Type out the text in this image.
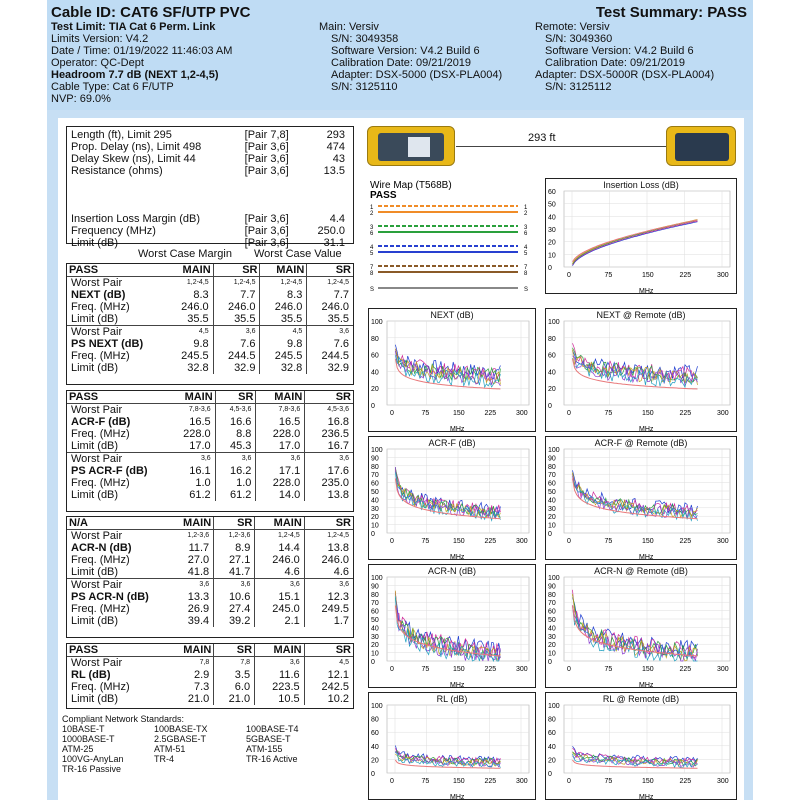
Cable ID: CAT6 SF/UTP PVC
Test Limit: TIA Cat 6 Perm. Link
Limits Version: V4.2
Date / Time: 01/19/2022 11:46:03 AM
Operator: QC-Dept
Headroom 7.7 dB (NEXT 1,2-4,5)
Cable Type: Cat 6 F/UTP
NVP: 69.0%
Main: Versiv
S/N: 3049358
Software Version: V4.2 Build 6
Calibration Date: 09/21/2019
Adapter: DSX-5000 (DSX-PLA004)
S/N: 3125110
Test Summary: PASS
Remote: Versiv
S/N: 3049360
Software Version: V4.2 Build 6
Calibration Date: 09/21/2019
Adapter: DSX-5000R (DSX-PLA004)
S/N: 3125112
Length (ft), Limit 295	[Pair 7,8]	293
Prop. Delay (ns), Limit 498	[Pair 3,6]	474
Delay Skew (ns), Limit 44	[Pair 3,6]	43
Resistance (ohms)	[Pair 3,6]	13.5

Insertion Loss Margin (dB)	[Pair 3,6]	4.4
Frequency (MHz)	[Pair 3,6]	250.0
Limit (dB)	[Pair 3,6]	31.1
Worst Case Margin Worst Case Value
PASS	MAIN	SR	MAIN	SR
Worst Pair	1,2-4,5	1,2-4,5	1,2-4,5	1,2-4,5
NEXT (dB)	8.3	7.7	8.3	7.7
Freq. (MHz)	246.0	246.0	246.0	246.0
Limit (dB)	35.5	35.5	35.5	35.5
Worst Pair	4,5	3,6	4,5	3,6
PS NEXT (dB)	9.8	7.6	9.8	7.6
Freq. (MHz)	245.5	244.5	245.5	244.5
Limit (dB)	32.8	32.9	32.8	32.9
PASS	MAIN	SR	MAIN	SR
Worst Pair	7,8-3,6	4,5-3,6	7,8-3,6	4,5-3,6
ACR-F (dB)	16.5	16.6	16.5	16.8
Freq. (MHz)	228.0	8.8	228.0	236.5
Limit (dB)	17.0	45.3	17.0	16.7
Worst Pair	3,6	3,6	3,6	3,6
PS ACR-F (dB)	16.1	16.2	17.1	17.6
Freq. (MHz)	1.0	1.0	228.0	235.0
Limit (dB)	61.2	61.2	14.0	13.8
N/A	MAIN	SR	MAIN	SR
Worst Pair	1,2-3,6	1,2-3,6	1,2-4,5	1,2-4,5
ACR-N (dB)	11.7	8.9	14.4	13.8
Freq. (MHz)	27.0	27.1	246.0	246.0
Limit (dB)	41.8	41.7	4.6	4.6
Worst Pair	3,6	3,6	3,6	3,6
PS ACR-N (dB)	13.3	10.6	15.1	12.3
Freq. (MHz)	26.9	27.4	245.0	249.5
Limit (dB)	39.4	39.2	2.1	1.7
PASS	MAIN	SR	MAIN	SR
Worst Pair	7,8	7,8	3,6	4,5
RL (dB)	2.9	3.5	11.6	12.1
Freq. (MHz)	7.3	6.0	223.5	242.5
Limit (dB)	21.0	21.0	10.5	10.2
Compliant Network Standards:
10BASE-T	100BASE-TX	100BASE-T4
1000BASE-T	2.5GBASE-T	5GBASE-T
ATM-25	ATM-51	ATM-155
100VG-AnyLan	TR-4	TR-16 Active
TR-16 Passive
293 ft
Wire Map (T568B)
PASS
1	1
2	2
3	3
6	6
4	4
5	5
7	7
8	8
S	S
Insertion Loss (dB)
0
10
20
30
40
50
60
0	75	150	225	300
MHz
NEXT (dB)
0
20
40
60
80
100
0	75	150	225	300
MHz
NEXT @ Remote (dB)
0
20
40
60
80
100
0	75	150	225	300
MHz
ACR-F (dB)
0
10
20
30
40
50
60
70
80
90
100
0	75	150	225	300
MHz
ACR-F @ Remote (dB)
0
10
20
30
40
50
60
70
80
90
100
0	75	150	225	300
MHz
ACR-N (dB)
0
10
20
30
40
50
60
70
80
90
100
0	75	150	225	300
MHz
ACR-N @ Remote (dB)
0
10
20
30
40
50
60
70
80
90
100
0	75	150	225	300
MHz
RL (dB)
0
20
40
60
80
100
0	75	150	225	300
MHz
RL @ Remote (dB)
0
20
40
60
80
100
0	75	150	225	300
MHz
